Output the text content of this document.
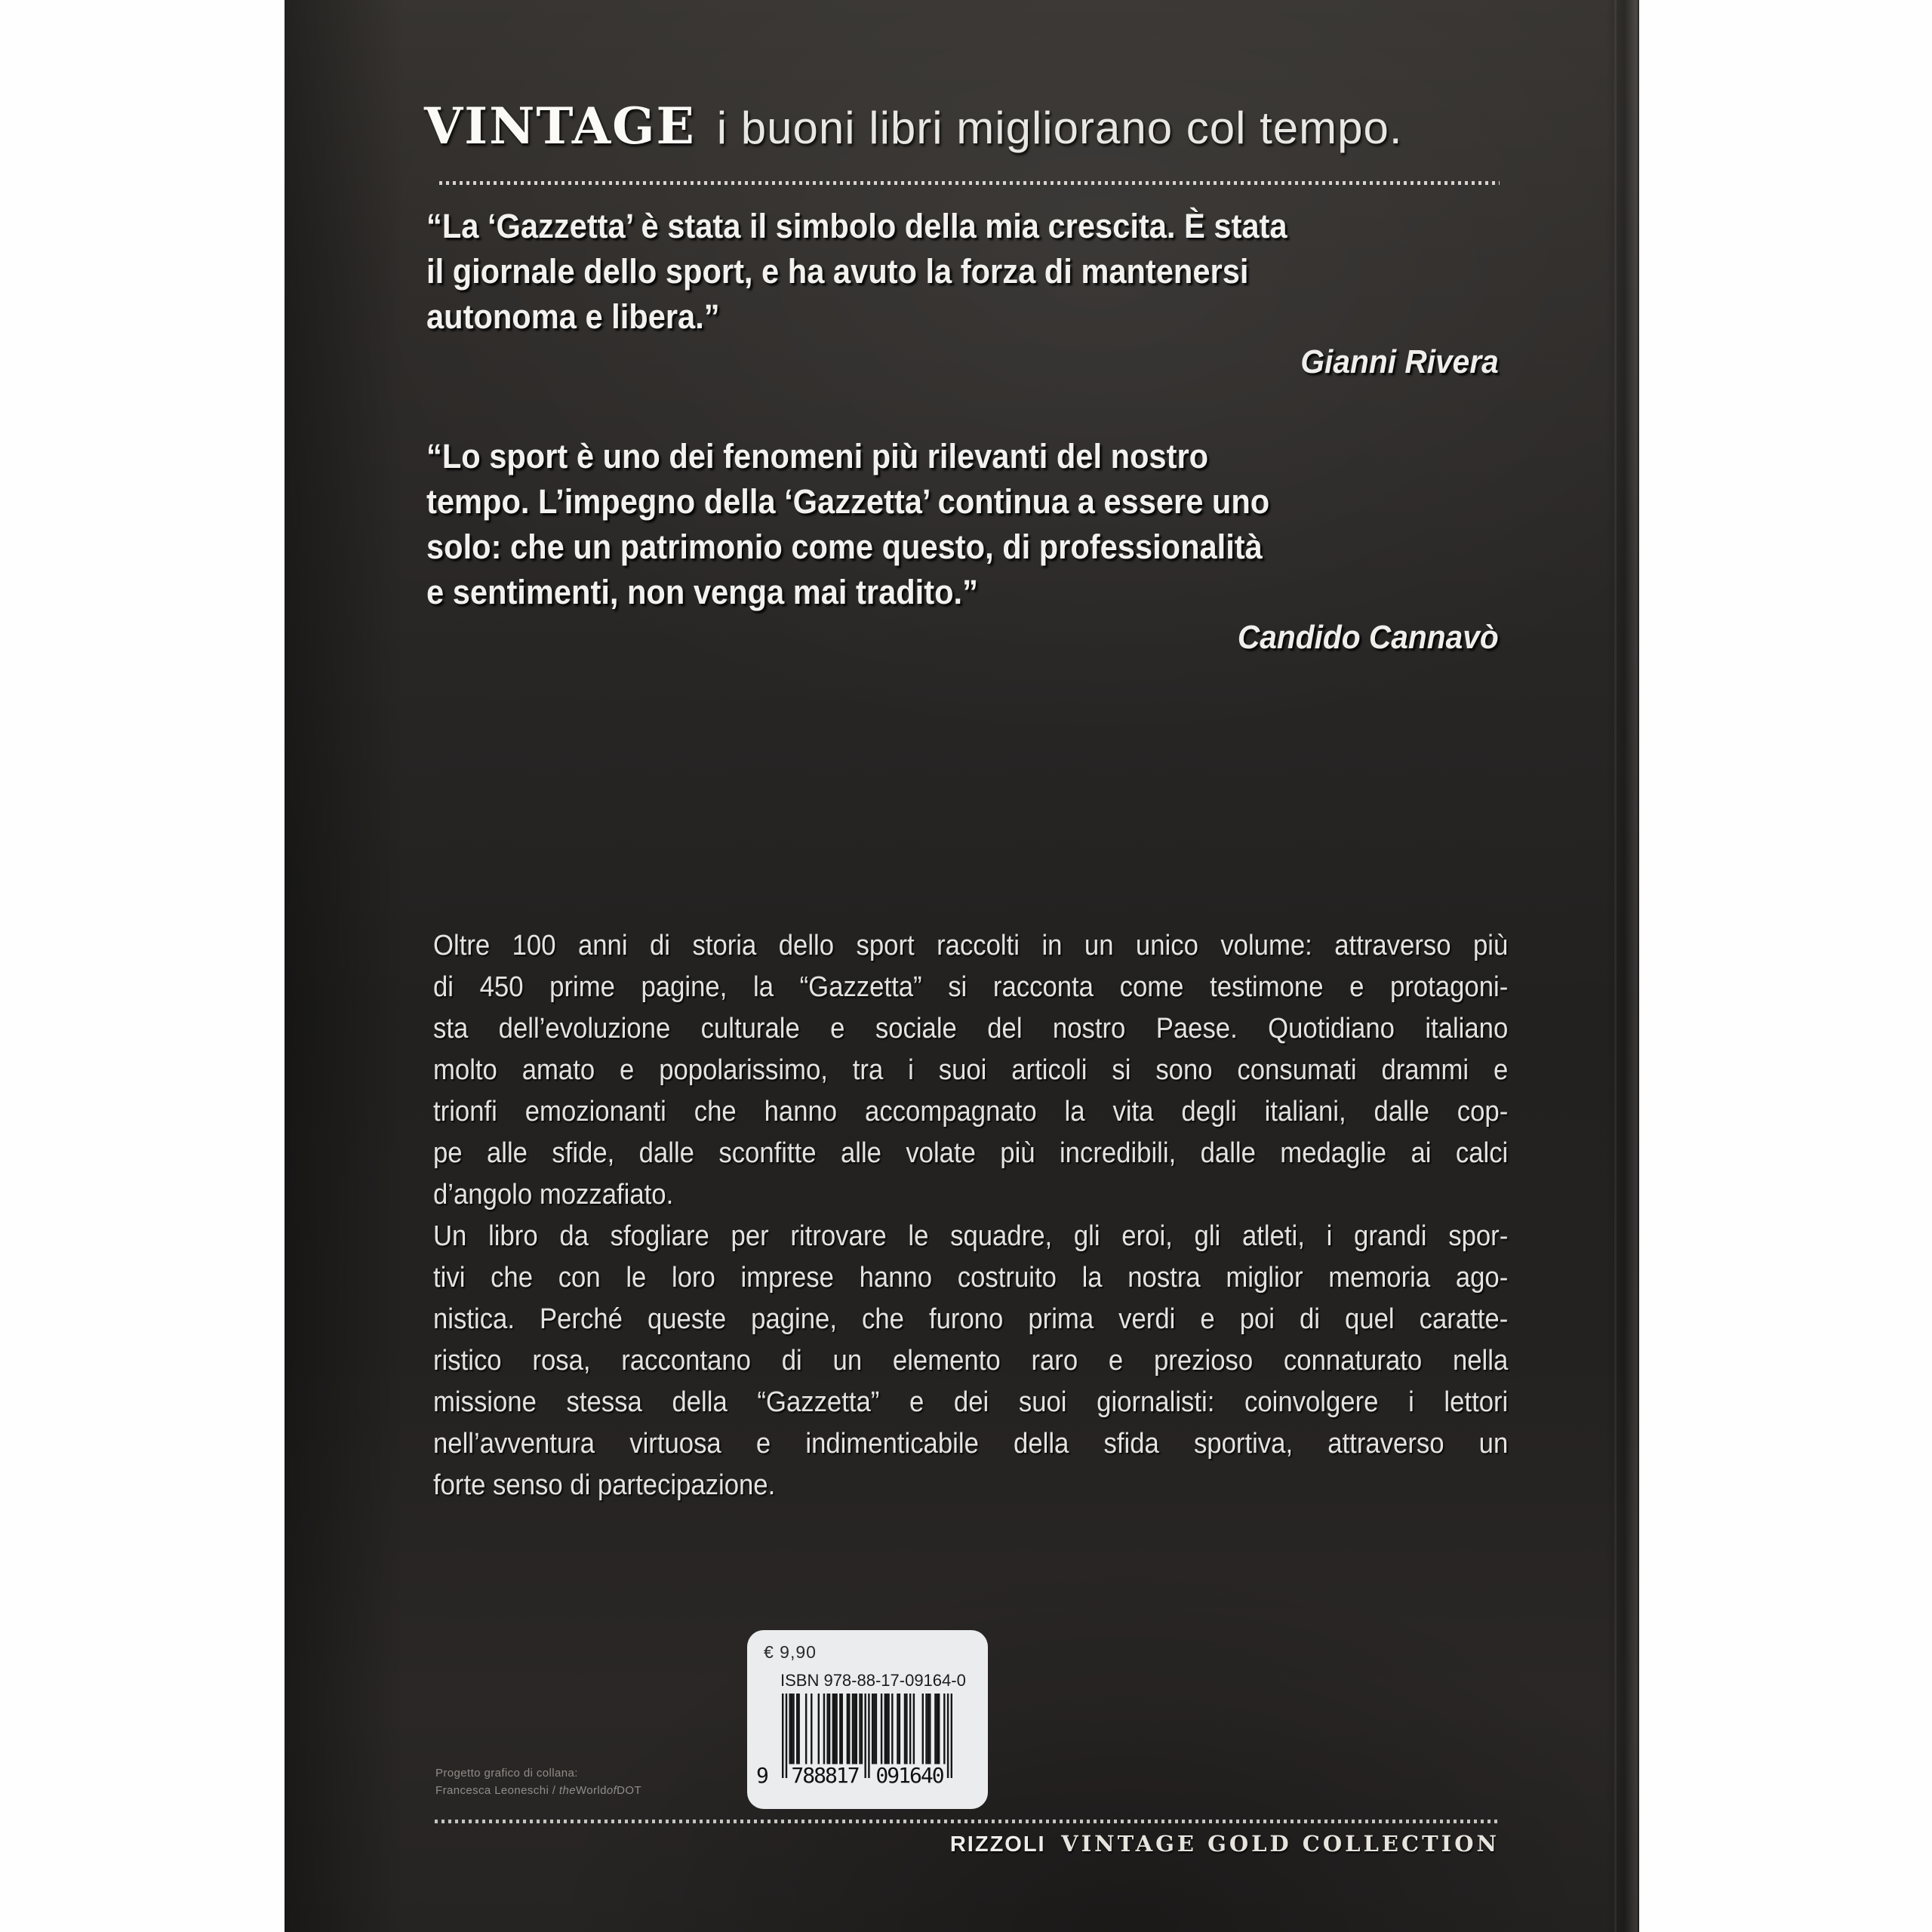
VINTAGE i buoni libri migliorano col tempo.
“La ‘Gazzetta’ è stata il simbolo della mia crescita. È stata
il giornale dello sport, e ha avuto la forza di mantenersi
autonoma e libera.”
Gianni Rivera
“Lo sport è uno dei fenomeni più rilevanti del nostro
tempo. L’impegno della ‘Gazzetta’ continua a essere uno
solo: che un patrimonio come questo, di professionalità
e sentimenti, non venga mai tradito.”
Candido Cannavò
Oltre 100 anni di storia dello sport raccolti in un unico volume: attraverso più
di 450 prime pagine, la “Gazzetta” si racconta come testimone e protagoni-
sta dell’evoluzione culturale e sociale del nostro Paese. Quotidiano italiano
molto amato e popolarissimo, tra i suoi articoli si sono consumati drammi e
trionfi emozionanti che hanno accompagnato la vita degli italiani, dalle cop-
pe alle sfide, dalle sconfitte alle volate più incredibili, dalle medaglie ai calci
d’angolo mozzafiato.
Un libro da sfogliare per ritrovare le squadre, gli eroi, gli atleti, i grandi spor-
tivi che con le loro imprese hanno costruito la nostra miglior memoria ago-
nistica. Perché queste pagine, che furono prima verdi e poi di quel caratte-
ristico rosa, raccontano di un elemento raro e prezioso connaturato nella
missione stessa della “Gazzetta” e dei suoi giornalisti: coinvolgere i lettori
nell’avventura virtuosa e indimenticabile della sfida sportiva, attraverso un
forte senso di partecipazione.
€ 9,90
ISBN 978-88-17-09164-0
9 788817 091640
Progetto grafico di collana:
Francesca Leoneschi / theWorldofDOT
RIZZOLI VINTAGE GOLD COLLECTION
